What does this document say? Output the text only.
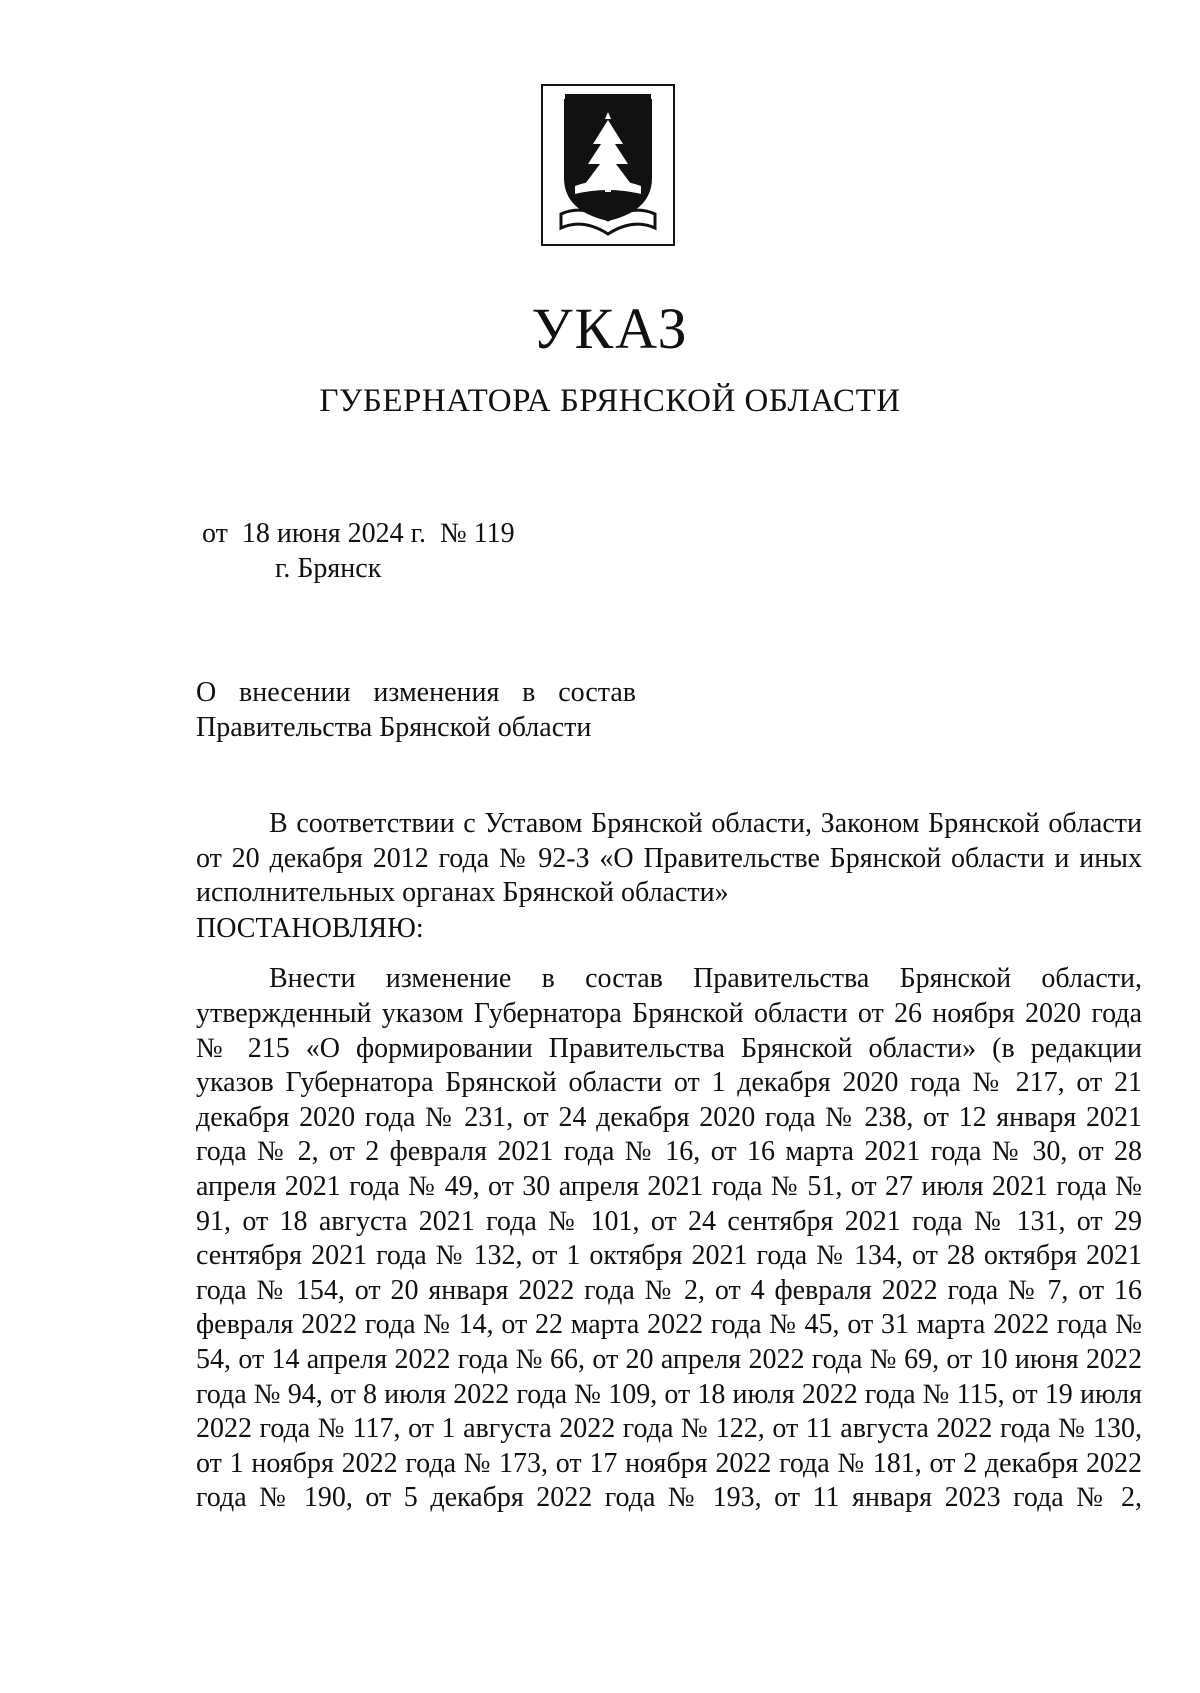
УКАЗ
ГУБЕРНАТОРА БРЯНСКОЙ ОБЛАСТИ
от  18 июня 2024 г.  № 119
г. Брянск
О внесении изменения в состав
Правительства Брянской области

В соответствии с Уставом Брянской области, Законом Брянской области от 20 декабря 2012 года № 92-З «О Правительстве Брянской области и иных исполнительных органах Брянской области»

ПОСТАНОВЛЯЮ:

Внести изменение в состав Правительства Брянской области, утвержденный указом Губернатора Брянской области от 26 ноября 2020 года № 215 «О формировании Правительства Брянской области» (в редакции указов Губернатора Брянской области от 1 декабря 2020 года № 217, от 21 декабря 2020 года № 231, от 24 декабря 2020 года № 238, от 12 января 2021 года № 2, от 2 февраля 2021 года № 16, от 16 марта 2021 года № 30, от 28 апреля 2021 года № 49, от 30 апреля 2021 года № 51, от 27 июля 2021 года № 91, от 18 августа 2021 года № 101, от 24 сентября 2021 года № 131, от 29 сентября 2021 года № 132, от 1 октября 2021 года № 134, от 28 октября 2021 года № 154, от 20 января 2022 года № 2, от 4 февраля 2022 года № 7, от 16 февраля 2022 года № 14, от 22 марта 2022 года № 45, от 31 марта 2022 года № 54, от 14 апреля 2022 года № 66, от 20 апреля 2022 года № 69, от 10 июня 2022 года № 94, от 8 июля 2022 года № 109, от 18 июля 2022 года № 115, от 19 июля 2022 года № 117, от 1 августа 2022 года № 122, от 11 августа 2022 года № 130, от 1 ноября 2022 года № 173, от 17 ноября 2022 года № 181, от 2 декабря 2022 года № 190, от 5 декабря 2022 года № 193, от 11 января 2023 года № 2,
